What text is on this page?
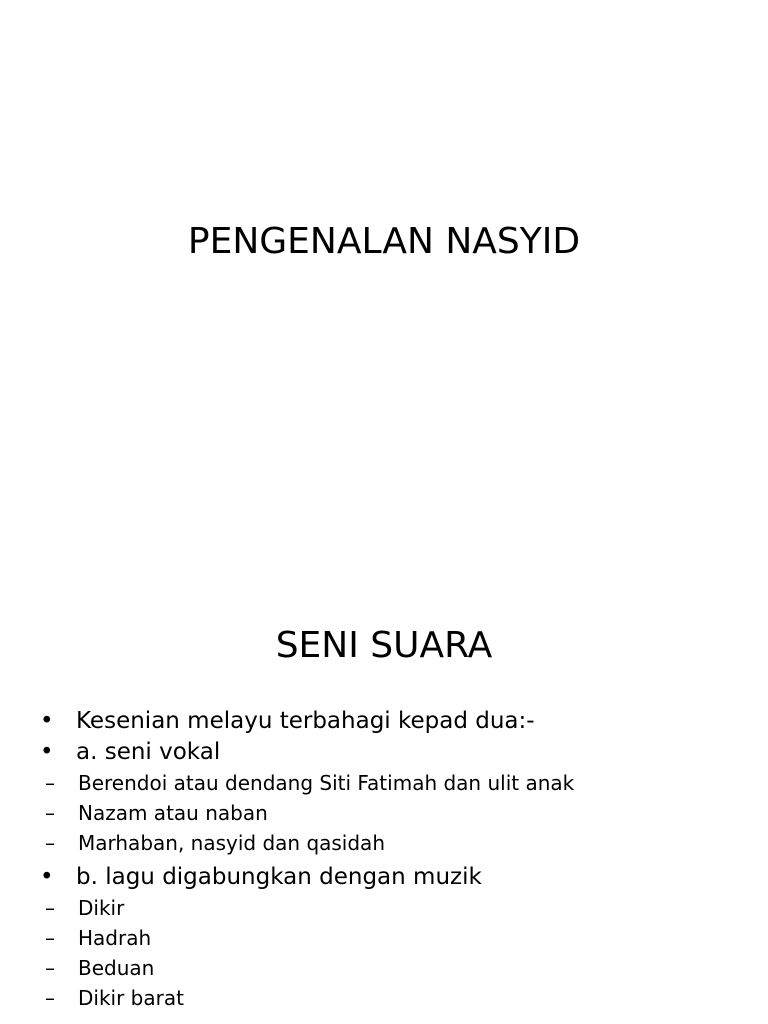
PENGENALAN NASYID
SENI SUARA
• Kesenian melayu terbahagi kepad dua:-
• a. seni vokal
– Berendoi atau dendang Siti Fatimah dan ulit anak
– Nazam atau naban
– Marhaban, nasyid dan qasidah
• b. lagu digabungkan dengan muzik
– Dikir
– Hadrah
– Beduan
– Dikir barat
